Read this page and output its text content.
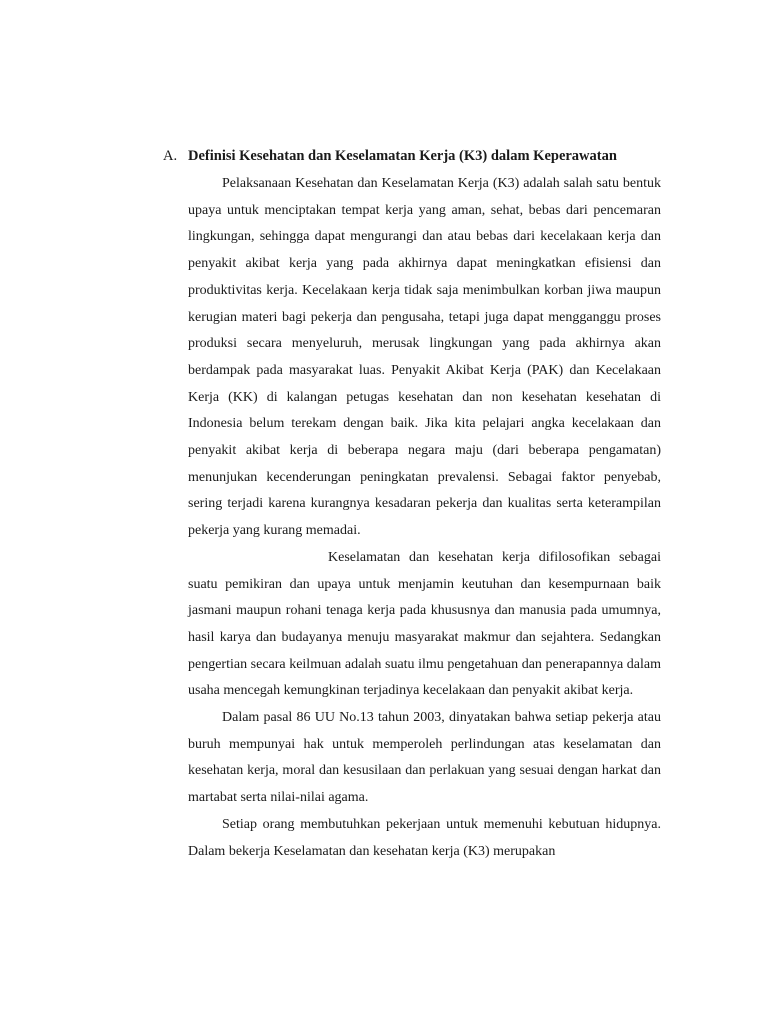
A. Definisi Kesehatan dan Keselamatan Kerja (K3) dalam Keperawatan

Pelaksanaan Kesehatan dan Keselamatan Kerja (K3) adalah salah satu bentuk upaya untuk menciptakan tempat kerja yang aman, sehat, bebas dari pencemaran lingkungan, sehingga dapat mengurangi dan atau bebas dari kecelakaan kerja dan penyakit akibat kerja yang pada akhirnya dapat meningkatkan efisiensi dan produktivitas kerja. Kecelakaan kerja tidak saja menimbulkan korban jiwa maupun kerugian materi bagi pekerja dan pengusaha, tetapi juga dapat mengganggu proses produksi secara menyeluruh, merusak lingkungan yang pada akhirnya akan berdampak pada masyarakat luas. Penyakit Akibat Kerja (PAK) dan Kecelakaan Kerja (KK) di kalangan petugas kesehatan dan non kesehatan kesehatan di Indonesia belum terekam dengan baik. Jika kita pelajari angka kecelakaan dan penyakit akibat kerja di beberapa negara maju (dari beberapa pengamatan) menunjukan kecenderungan peningkatan prevalensi. Sebagai faktor penyebab, sering terjadi karena kurangnya kesadaran pekerja dan kualitas serta keterampilan pekerja yang kurang memadai.

Keselamatan dan kesehatan kerja difilosofikan sebagai suatu pemikiran dan upaya untuk menjamin keutuhan dan kesempurnaan baik jasmani maupun rohani tenaga kerja pada khususnya dan manusia pada umumnya, hasil karya dan budayanya menuju masyarakat makmur dan sejahtera. Sedangkan pengertian secara keilmuan adalah suatu ilmu pengetahuan dan penerapannya dalam usaha mencegah kemungkinan terjadinya kecelakaan dan penyakit akibat kerja.

Dalam pasal 86 UU No.13 tahun 2003, dinyatakan bahwa setiap pekerja atau buruh mempunyai hak untuk memperoleh perlindungan atas keselamatan dan kesehatan kerja, moral dan kesusilaan dan perlakuan yang sesuai dengan harkat dan martabat serta nilai-nilai agama.

Setiap orang membutuhkan pekerjaan untuk memenuhi kebutuan hidupnya. Dalam bekerja Keselamatan dan kesehatan kerja (K3) merupakan
